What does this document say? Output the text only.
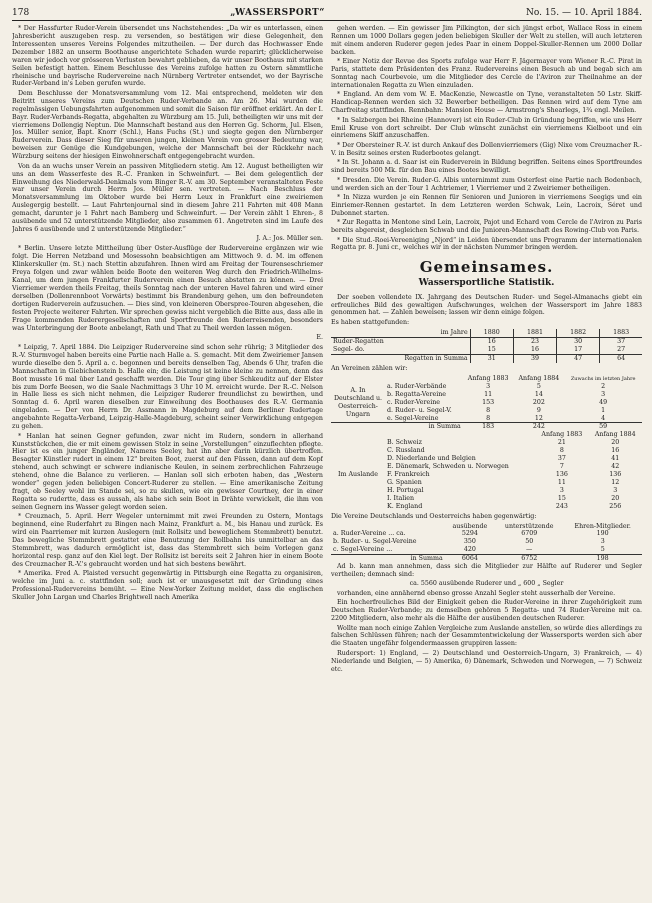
178	„WASSERSPORT“	No. 15. — 10. April 1884.

* Der Hassfurter Ruder-Verein übersendet uns Nachstehendes: „Da wir es unterlassen, einen Jahresbericht auszugeben resp. zu versenden, so bestätigen wir diese Gelegenheit, den Interessenten unseres Vereins Folgendes mitzutheilen. — Der durch das Hochwasser Ende Dezember 1882 an unserm Boothause angerichtete Schaden wurde reparirt; glücklicherweise waren wir jedoch vor grösseren Verlusten bewahrt geblieben, da wir unser Boothaus mit starken Seilen befestigt hatten. Einem Beschlusse des Vereins zufolge hatten zu Ostern sämmtliche rheinische und bayrische Rudervereine nach Nürnberg Vertreter entsendet, wo der Bayrische Ruder-Verband in's Leben gerufen wurde.

Dem Beschlusse der Monatsversammlung vom 12. Mai entsprechend, meldeten wir den Beitritt unseres Vereins zum Deutschen Ruder-Verbande an. Am 26. Mai wurden die regelmässigen Uebungsfahrten aufgenommen und somit die Saison für eröffnet erklärt. An der I. Bayr. Ruder-Verbands-Regatta, abgehalten zu Würzburg am 15. Juli, betheiligten wir uns mit der vierriemens Dollengig Neptun. Die Mannschaft bestand aus den Herren Gg. Schorm, Jul. Elsen, Jos. Müller senior, Bapt. Knorr (Schl.), Hans Fuchs (St.) und siegte gegen den Nürnberger Ruderverein. Dass dieser Sieg für unseren jungen, kleinen Verein von grosser Bedeutung war, beweisen zur Genüge die Kundgebungen, welche der Mannschaft bei der Rückkehr nach Würzburg seitens der hiesigen Einwohnerschaft entgegengebracht wurden.

Von da an wuchs unser Verein an passiven Mitgliedern stetig. Am 12. August betheiligten wir uns an dem Wasserfeste des R.-C. Franken in Schweinfurt. — Bei dem gelegentlich der Einweihung des Niederwald-Denkmals vom Binger R.-V. am 30. September veranstalteten Feste war unser Verein durch Herrn Jos. Müller sen. vertreten. — Nach Beschluss der Monatsversammlung im Oktober wurde bei Herrn Leux in Frankfurt eine zweiriemen Auslegergig bestellt. — Laut Fahrtenjournal sind in diesem Jahre 211 Fahrten mit 408 Mann gemacht, darunter je 1 Fahrt nach Bamberg und Schweinfurt. — Der Verein zählt 1 Ehren-, 8 ausübende und 52 unterstützende Mitglieder, also zusammen 61. Angetreten sind im Laufe des Jahres 6 ausübende und 2 unterstützende Mitglieder.“

J. A.: Jos. Müller sen.

* Berlin. Unsere letzte Mittheilung über Oster-Ausflüge der Rudervereine ergänzen wir wie folgt. Die Herren Netzband und Mosessohn beabsichtigen am Mittwoch 9. d. M. im offenen Klinkerskuller (m. St.) nach Stettin abzufahren. Ihnen wird am Freitag der Tourenseschriemer Freya folgen und zwar wählen beide Boote den weiteren Weg durch den Friedrich-Wilhelms-Kanal, um dem jungen Frankfurter Ruderverein einen Besuch abstatten zu können. — Drei Vierriemer werden theils Freitag, theils Sonntag nach der unteren Havel fahren und wird einer derselben (Dollenrennboot Vorwärts) bestimmt bis Brandenburg gehen, um den befreundeten dortigen Ruderverein aufzusuchen. — Dies sind, von kleineren Oberspree-Touren abgesehen, die festen Projecte weiterer Fahrten. Wir sprechen gewiss nicht vergeblich die Bitte aus, dass alle in Frage kommenden Ruderergesellschaften und Sportfreunde den Ruderreisenden, besonders was Unterbringung der Boote anbelangt, Rath und That zu Theil werden lassen mögen.

E.

* Leipzig, 7. April 1884. Die Leipziger Rudervereine sind schon sehr rührig; 3 Mitglieder des R.-V. Sturmvogel haben bereits eine Partie nach Halle a. S. gemacht. Mit dem Zweiriemer Jansen wurde dieselbe den 5. April a. c. begonnen und bereits denselben Tag, Abends 6 Uhr, trafen die Mannschaften in Giebichenstein b. Halle ein; die Leistung ist keine kleine zu nennen, denn das Boot musste 16 mal über Land geschafft werden. Die Tour ging über Schkeuditz auf der Elster bis zum Dorfe Beesen, wo die Saale Nachmittags 3 Uhr 10 M. erreicht wurde. Der R.-C. Nelson in Halle liess es sich nicht nehmen, die Leipziger Ruderer freundlichst zu bewirthen, und Sonntag d. 6. April waren dieselben zur Einweihung des Boothauses des R.-V. Germania eingeladen. — Der von Herrn Dr. Assmann in Magdeburg auf dem Berliner Rudertage angebahnte Regatta-Verband, Leipzig-Halle-Magdeburg, scheint seiner Verwirklichung entgegen zu gehen.

* Hanlan hat seinen Gegner gefunden, zwar nicht im Rudern, sondern in allerhand Kunststückchen, die er mit einem gewissen Stolz in seine „Vorstellungen“ einzuflechten pflegte. Hier ist es ein junger Engländer, Namens Seeley, hat ihn aber darin kürzlich übertroffen. Besagter Künstler rudert in einem 12" breiten Boot, zuerst auf den Füssen, dann auf dem Kopf stehend, auch schwingt er schwere indianische Keulen, in seinem zerbrechlichen Fahrzeuge stehend, ohne die Balance zu verlieren. — Hanlan soll sich erboten haben, das „Western wonder“ gegen jeden beliebigen Concert-Ruderer zu stellen. — Eine amerikanische Zeitung fragt, ob Seeley wohl im Stande sei, so zu skullen, wie ein gewisser Courtney, der in einer Regatta so rudertte, dass es aussah, als habe sich sein Boot in Drähte verwickelt, die ihm von seinen Gegnern ins Wasser gelegt worden seien.

* Creuznach, 5. April. Herr Wegeler unternimmt mit zwei Freunden zu Ostern, Montags beginnend, eine Ruderfahrt zu Bingen nach Mainz, Frankfurt a. M., bis Hanau und zurück. Es wird ein Paarriemer mit kurzen Auslegern (mit Rollsitz und beweglichem Stemmbrett) benutzt. Das bewegliche Stemmbrett gestattet eine Benutzung der Rollbahn bis unmittelbar an das Stemmbrett, was dadurch ermöglicht ist, dass das Stemmbrett sich beim Vorlegen ganz horizontal resp. ganz auf den Kiel legt. Der Rollsitz ist bereits seit 2 Jahren hier in einem Boote des Creuznacher R.-V.'s gebraucht worden und hat sich bestens bewährt.

* Amerika. Fred A. Plaisted versucht gegenwärtig in Pittsburgh eine Regatta zu organisiren, welche im Juni a. c. stattfinden soll; auch ist er unausgesetzt mit der Gründung eines Professional-Rudervereins bemüht. — Eine New-Yorker Zeitung meldet, dass die englischen Skuller John Largan und Charles Brightwell nach Amerika

gehen werden. — Ein gewisser Jim Pilkington, der sich jüngst erbot, Wallace Ross in einem Rennen um 1000 Dollars gegen jeden beliebigen Skuller der Welt zu stellen, will auch letzteren mit einem anderen Ruderer gegen jedes Paar in einem Doppel-Skuller-Rennen um 2000 Dollar backen.

* Einer Notiz der Revue des Sports zufolge war Herr F. Jägermayer vom Wiener R.-C. Pirat in Paris, stattete dem Präsidenten des Franz. Rudervereins einen Besuch ab und begab sich am Sonntag nach Courbevoie, um die Mitglieder des Cercle de l'Aviron zur Theilnahme an der internationalen Regatta zu Wien einzuladen.

* England. An dem vom W. E. MacKenzie, Newcastle on Tyne, veranstalteten 50 Lstr. Skiff-Handicap-Rennen werden sich 32 Bewerber betheiligen. Das Rennen wird auf dem Tyne am Charfreitag stattfinden. Rennbahn: Mansion House — Armstrong's Shearlegs, 1¾ engl. Meilen.

* In Salzbergen bei Rheine (Hannover) ist ein Ruder-Club in Gründung begriffen, wie uns Herr Emil Kruse von dort schreibt. Der Club wünscht zunächst ein vierriemens Kielboot und ein einriemens Skiff anzuschaffen.

* Der Obersteiner R.-V. ist durch Ankauf des Dollenvierriemers (Gig) Nixe vom Creuznacher R.-V. in Besitz seines ersten Ruderbootes gelangt.

* In St. Johann a. d. Saar ist ein Ruderverein in Bildung begriffen. Seitens eines Sportfreundes sind bereits 500 Mk. für den Bau eines Bootes bewilligt.

* Dresden. Die Verein. Ruder-G. Albis unternimmt zum Osterfest eine Partie nach Bodenbach, und werden sich an der Tour 1 Achtriemer, 1 Vierriemer und 2 Zweiriemer betheiligen.

* In Nizza wurden je ein Rennen für Senioren und Junioren in vierriemens Seegigs und ein Einriemer-Rennen gestartet. In dem Letzteren werden Schwak, Lein, Lacroix, Séret und Dubonnet starten.

* Zur Regatta in Mentone sind Lein, Lacroix, Pajot und Echard vom Cercle de l'Aviron zu Paris bereits abgereist, desgleichen Schwab und die Junioren-Mannschaft des Rowing-Club von Paris.

* Die Stud.-Roei-Vereeniging „Njord“ in Leiden übersendet uns Programm der internationalen Regatta pr. 8. Juni cr., welches wir in der nächsten Nummer bringen werden.

Gemeinsames.
Wassersportliche Statistik.

Der soeben vollendete IX. Jahrgang des Deutschen Ruder- und Segel-Almanachs giebt ein erfreuliches Bild des gewaltigen Aufschwunges, welchen der Wassersport im Jahre 1883 genommen hat. — Zahlen beweisen; lassen wir denn einige folgen.

Es haben stattgefunden:
im Jahre	1880	1881	1882	1883
Ruder-Regatten	16	23	30	37
Segel- do.	15	16	17	27
Regatten in Summa	31	39	47	64
An Vereinen zählen wir:
		Anfang 1883	Anfang 1884	Zuwachs im letzten Jahre
A. In Deutschland u. Oesterreich-Ungarn	a. Ruder-Verbände	3	5	2
	b. Regatta-Vereine	11	14	3
	c. Ruder-Vereine	153	202	49
	d. Ruder- u. Segel-V.	8	9	1
	e. Segel-Vereine	8	12	4
	in Summa	183	242	59
		Anfang 1883	Anfang 1884
Im Auslande	B. Schweiz	21	20
	C. Russland	8	16
	D. Niederlande und Belgien	37	41
	E. Dänemark, Schweden u. Norwegen	7	42
	F. Frankreich	136	136
	G. Spanien	11	12
	H. Portugal	3	3
	I. Italien	15	20
	K. England	243	256
Die Vereine Deutschlands und Oesterreichs haben gegenwärtig:
	ausübende	unterstützende	Ehren-Mitglieder.
a. Ruder-Vereine ... ca.	5294	6709	190
b. Ruder- u. Segel-Vereine	350	50	3
c. Segel-Vereine ...	420	—	5
in Summa	6064	6752	198

Ad b. kann man annehmen, dass sich die Mitglieder zur Hälfte auf Ruderer und Segler vertheilen; demnach sind:

ca. 5560 ausübende Ruderer und „ 600 „ Segler

vorhanden, eine annähernd ebenso grosse Anzahl Segler steht ausserhalb der Vereine.

Ein hocherfreuliches Bild der Einigkeit geben die Ruder-Vereine in ihrer Zugehörigkeit zum Deutschen Ruder-Verbande; zu demselben gehören 5 Regatta- und 74 Ruder-Vereine mit ca. 2200 Mitgliedern, also mehr als die Hälfte der ausübenden deutschen Ruderer.

Wollte man noch einige Zahlen Vergleiche zum Auslande anstellen, so würde dies allerdings zu falschen Schlüssen führen; nach der Gesammtentwickelung der Wassersports werden sich aber die Staaten ungefähr folgendermaassen gruppiren lassen:

Rudersport: 1) England, — 2) Deutschland und Oesterreich-Ungarn, 3) Frankreich, — 4) Niederlande und Belgien, — 5) Amerika, 6) Dänemark, Schweden und Norwegen, — 7) Schweiz etc.
